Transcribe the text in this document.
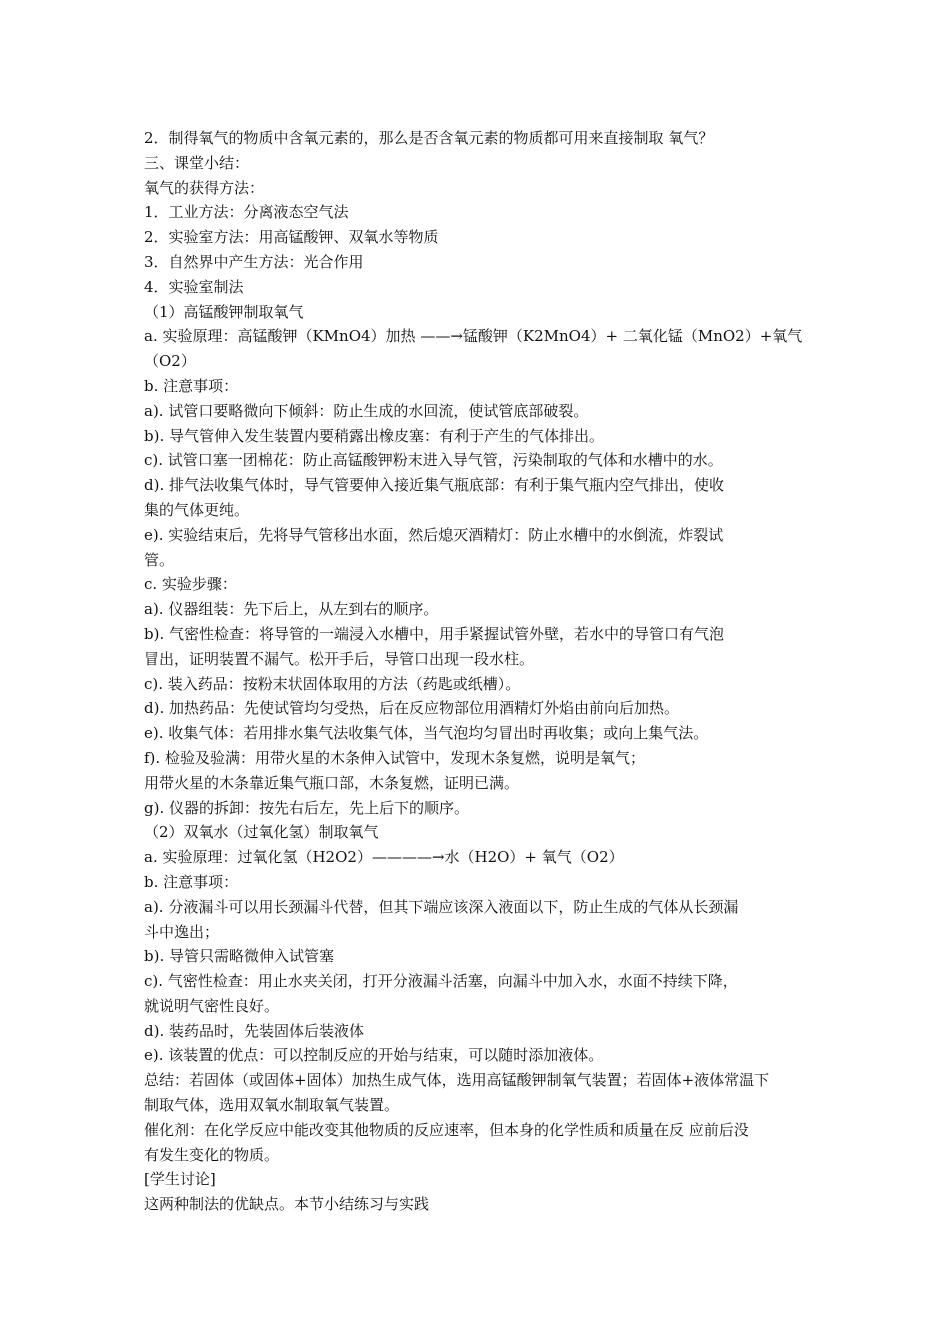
2．制得氧气的物质中含氧元素的，那么是否含氧元素的物质都可用来直接制取 氧气？
三、课堂小结：
氧气的获得方法：
1．工业方法：分离液态空气法
2．实验室方法：用高锰酸钾、双氧水等物质
3．自然界中产生方法：光合作用
4．实验室制法
（1）高锰酸钾制取氧气
a. 实验原理：高锰酸钾（KMnO4）加热 ——→锰酸钾（K2MnO4）+ 二氧化锰（MnO2）+氧气
（O2）
b. 注意事项：
a). 试管口要略微向下倾斜：防止生成的水回流，使试管底部破裂。
b). 导气管伸入发生装置内要稍露出橡皮塞：有利于产生的气体排出。
c). 试管口塞一团棉花：防止高锰酸钾粉末进入导气管，污染制取的气体和水槽中的水。
d). 排气法收集气体时，导气管要伸入接近集气瓶底部：有利于集气瓶内空气排出，使收
集的气体更纯。
e). 实验结束后，先将导气管移出水面，然后熄灭酒精灯：防止水槽中的水倒流，炸裂试
管。
c. 实验步骤：
a). 仪器组装：先下后上，从左到右的顺序。
b). 气密性检查：将导管的一端浸入水槽中，用手紧握试管外壁，若水中的导管口有气泡
冒出，证明装置不漏气。松开手后，导管口出现一段水柱。
c). 装入药品：按粉末状固体取用的方法（药匙或纸槽）。
d). 加热药品：先使试管均匀受热，后在反应物部位用酒精灯外焰由前向后加热。
e). 收集气体：若用排水集气法收集气体，当气泡均匀冒出时再收集；或向上集气法。
f). 检验及验满：用带火星的木条伸入试管中，发现木条复燃，说明是氧气；
用带火星的木条靠近集气瓶口部，木条复燃，证明已满。
g). 仪器的拆卸：按先右后左，先上后下的顺序。
（2）双氧水（过氧化氢）制取氧气
a. 实验原理：过氧化氢（H2O2）————→水（H2O）+ 氧气（O2）
b. 注意事项：
a). 分液漏斗可以用长颈漏斗代替，但其下端应该深入液面以下，防止生成的气体从长颈漏
斗中逸出；
b). 导管只需略微伸入试管塞
c). 气密性检查：用止水夹关闭，打开分液漏斗活塞，向漏斗中加入水，水面不持续下降，
就说明气密性良好。
d). 装药品时，先装固体后装液体
e). 该装置的优点：可以控制反应的开始与结束，可以随时添加液体。
总结：若固体（或固体+固体）加热生成气体，选用高锰酸钾制氧气装置；若固体+液体常温下
制取气体，选用双氧水制取氧气装置。
催化剂：在化学反应中能改变其他物质的反应速率，但本身的化学性质和质量在反 应前后没
有发生变化的物质。
[学生讨论]
这两种制法的优缺点。本节小结练习与实践
